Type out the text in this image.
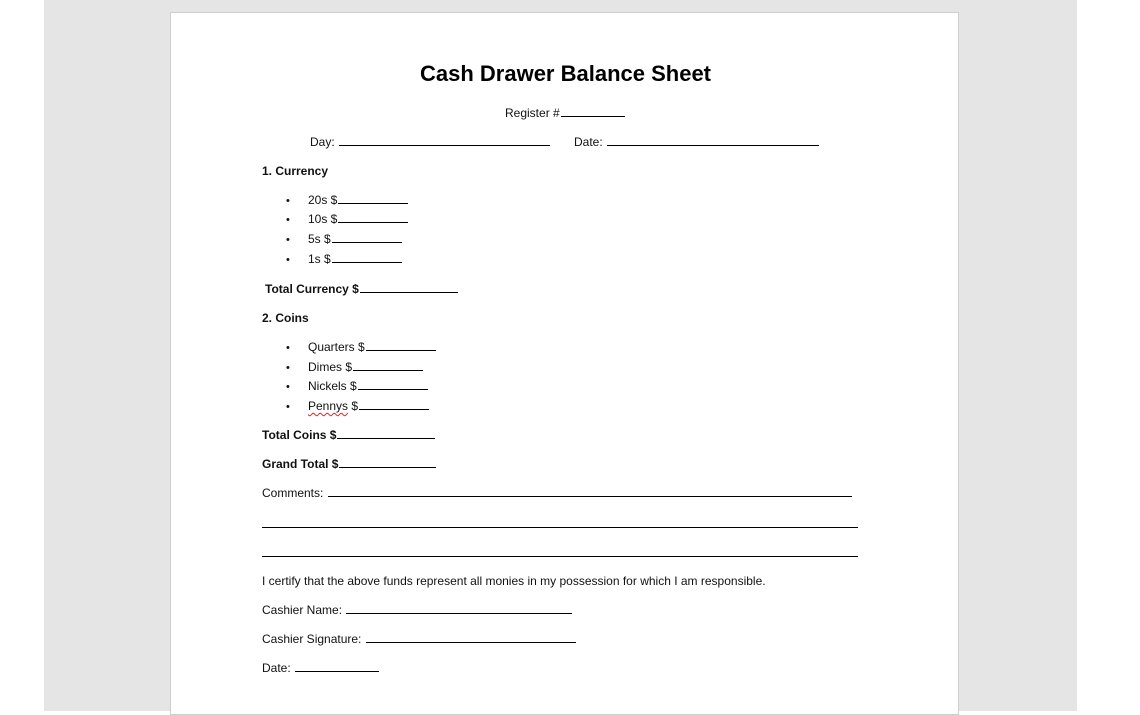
Cash Drawer Balance Sheet
Register #
Day:	Date:
1. Currency
• 20s $
• 10s $
• 5s $
• 1s $
Total Currency $
2. Coins
• Quarters $
• Dimes $
• Nickels $
• Pennys $
Total Coins $
Grand Total $
Comments:
I certify that the above funds represent all monies in my possession for which I am responsible.
Cashier Name:
Cashier Signature:
Date:
